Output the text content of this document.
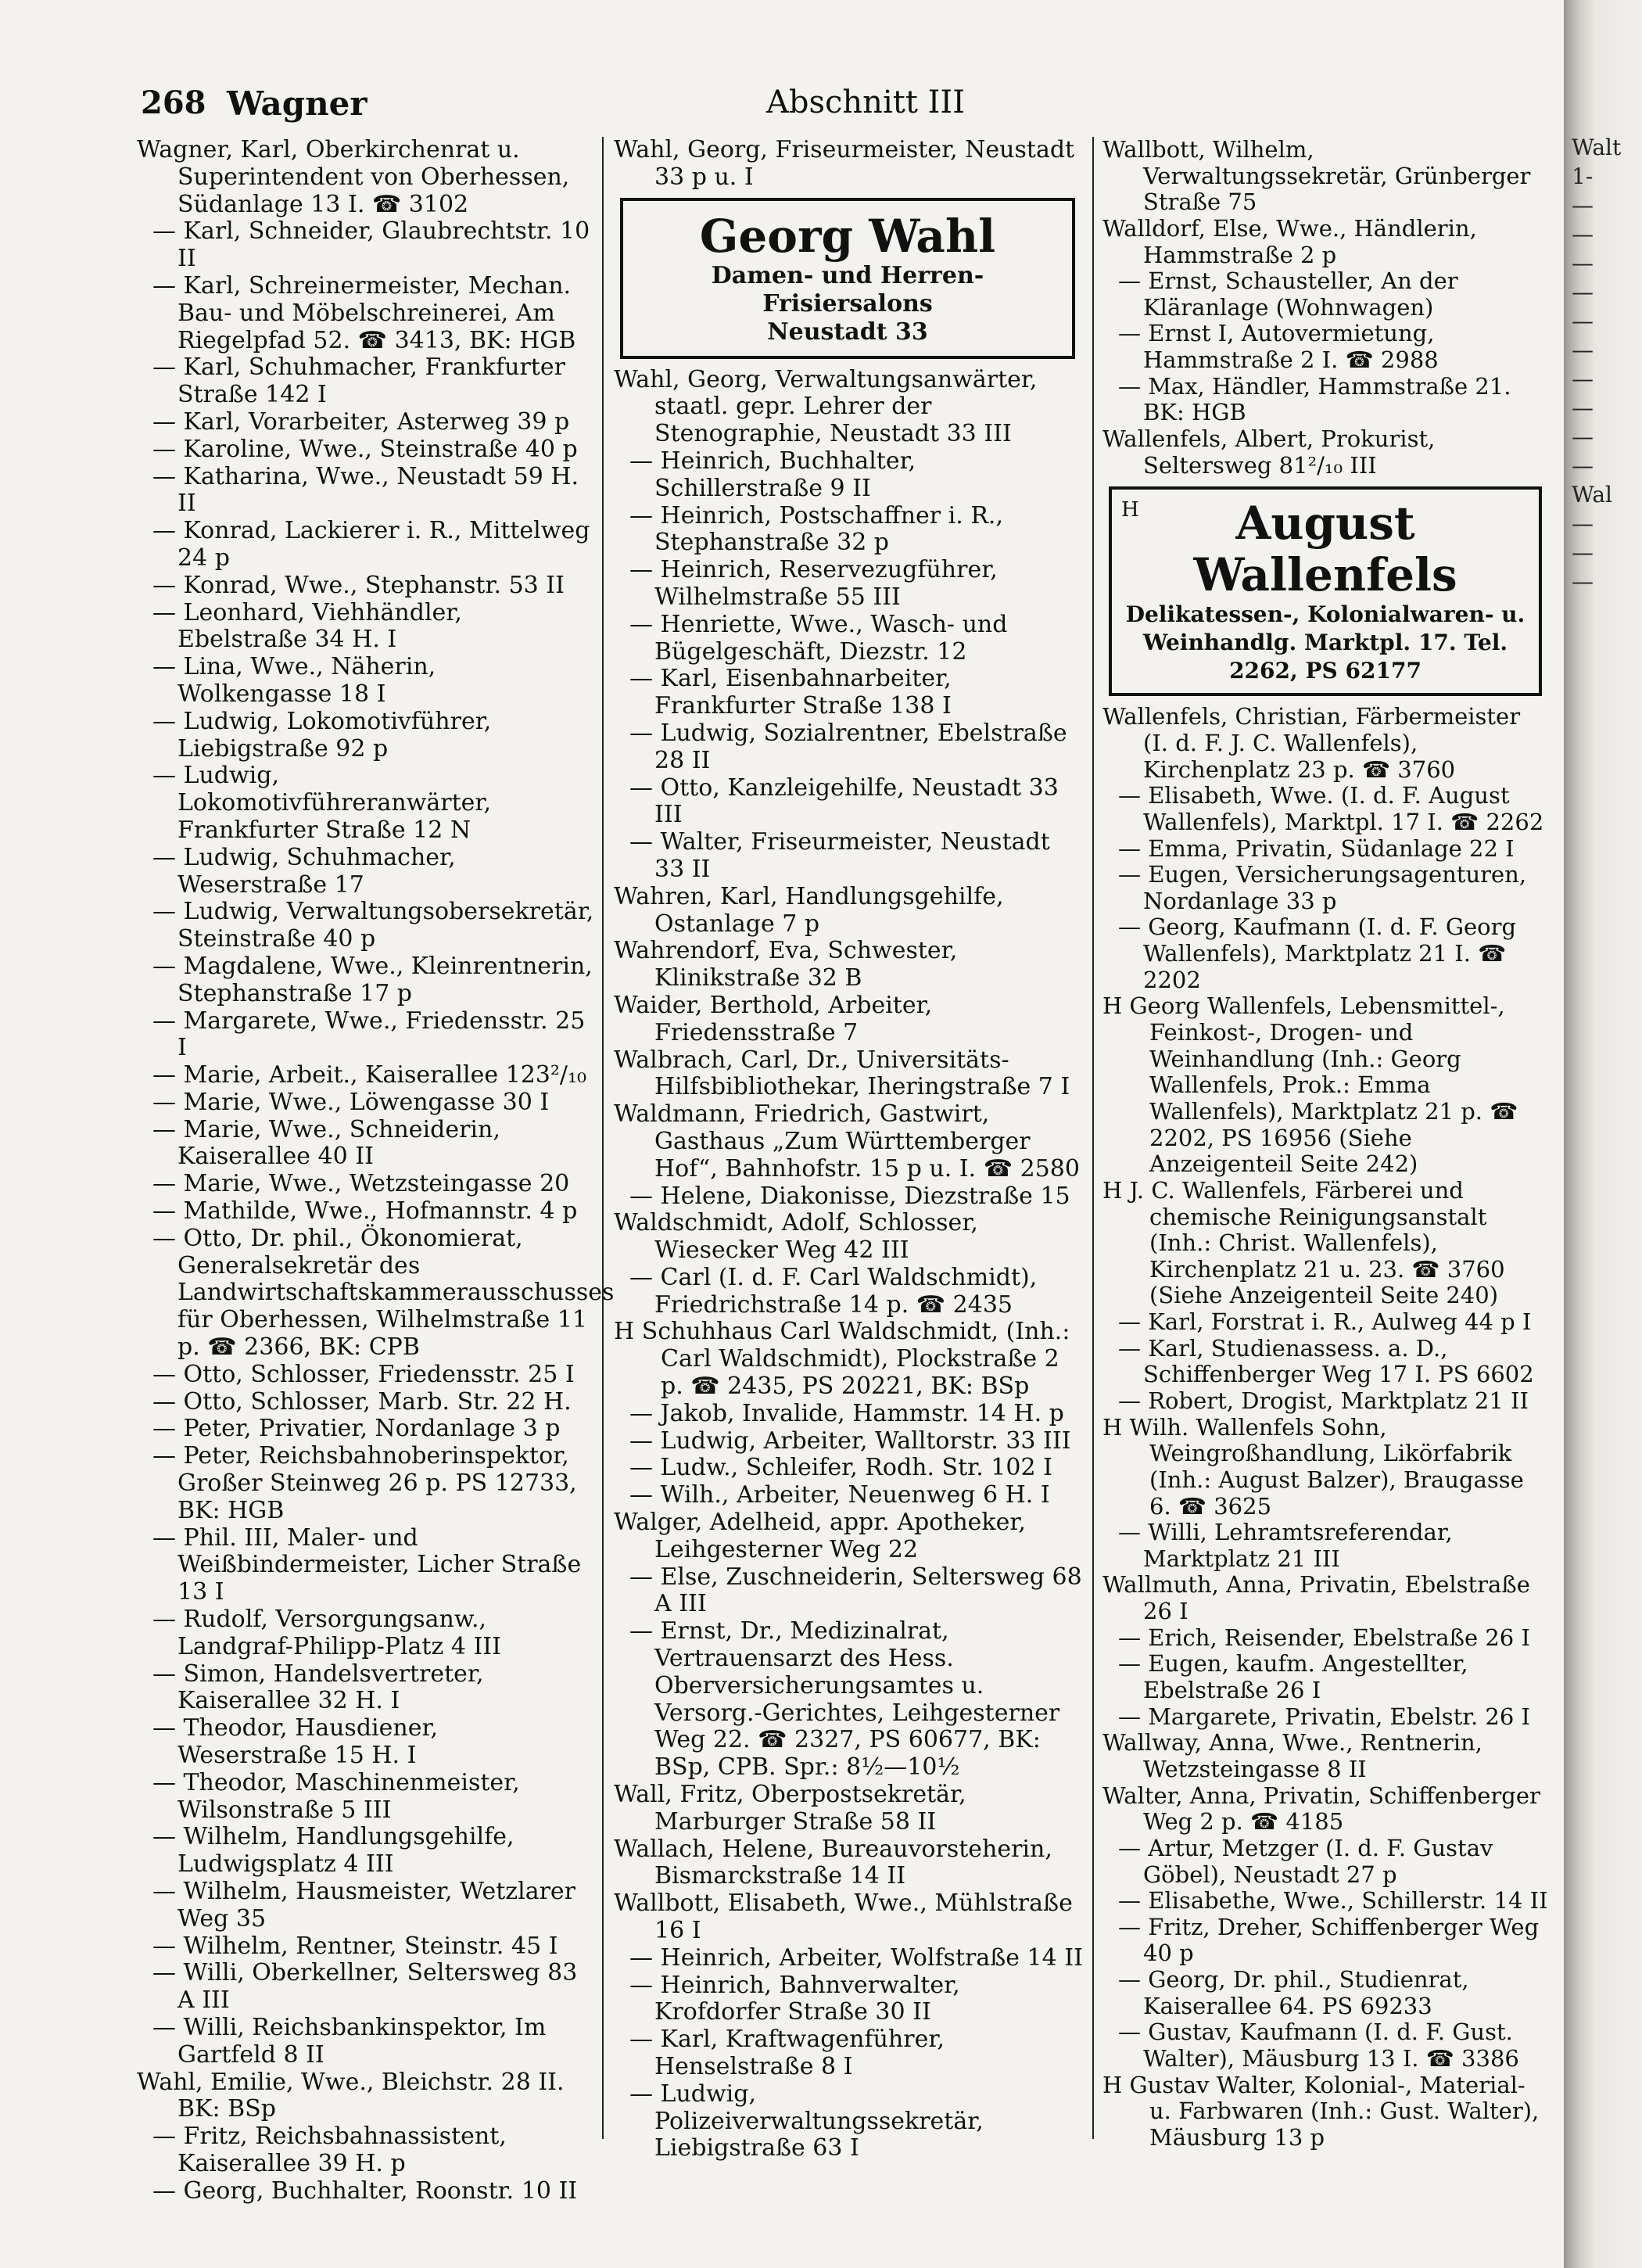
268 Wagner	Abschnitt III

Wagner, Karl, Oberkirchenrat u. Superintendent von Oberhessen, Südanlage 13 I. ☎ 3102

— Karl, Schneider, Glaubrechtstr. 10 II

— Karl, Schreinermeister, Mechan. Bau- und Möbelschreinerei, Am Riegelpfad 52. ☎ 3413, BK: HGB

— Karl, Schuhmacher, Frankfurter Straße 142 I

— Karl, Vorarbeiter, Asterweg 39 p

— Karoline, Wwe., Steinstraße 40 p

— Katharina, Wwe., Neustadt 59 H. II

— Konrad, Lackierer i. R., Mittelweg 24 p

— Konrad, Wwe., Stephanstr. 53 II

— Leonhard, Viehhändler, Ebelstraße 34 H. I

— Lina, Wwe., Näherin, Wolkengasse 18 I

— Ludwig, Lokomotivführer, Liebigstraße 92 p

— Ludwig, Lokomotivführeranwärter, Frankfurter Straße 12 N

— Ludwig, Schuhmacher, Weserstraße 17

— Ludwig, Verwaltungsobersekretär, Steinstraße 40 p

— Magdalene, Wwe., Kleinrentnerin, Stephanstraße 17 p

— Margarete, Wwe., Friedensstr. 25 I

— Marie, Arbeit., Kaiserallee 123²/₁₀

— Marie, Wwe., Löwengasse 30 I

— Marie, Wwe., Schneiderin, Kaiserallee 40 II

— Marie, Wwe., Wetzsteingasse 20

— Mathilde, Wwe., Hofmannstr. 4 p

— Otto, Dr. phil., Ökonomierat, Generalsekretär des Landwirtschaftskammerausschusses für Oberhessen, Wilhelmstraße 11 p. ☎ 2366, BK: CPB

— Otto, Schlosser, Friedensstr. 25 I

— Otto, Schlosser, Marb. Str. 22 H.

— Peter, Privatier, Nordanlage 3 p

— Peter, Reichsbahnoberinspektor, Großer Steinweg 26 p. PS 12733, BK: HGB

— Phil. III, Maler- und Weißbindermeister, Licher Straße 13 I

— Rudolf, Versorgungsanw., Landgraf-Philipp-Platz 4 III

— Simon, Handelsvertreter, Kaiserallee 32 H. I

— Theodor, Hausdiener, Weserstraße 15 H. I

— Theodor, Maschinenmeister, Wilsonstraße 5 III

— Wilhelm, Handlungsgehilfe, Ludwigsplatz 4 III

— Wilhelm, Hausmeister, Wetzlarer Weg 35

— Wilhelm, Rentner, Steinstr. 45 I

— Willi, Oberkellner, Seltersweg 83 A III

— Willi, Reichsbankinspektor, Im Gartfeld 8 II

Wahl, Emilie, Wwe., Bleichstr. 28 II. BK: BSp

— Fritz, Reichsbahnassistent, Kaiserallee 39 H. p

— Georg, Buchhalter, Roonstr. 10 II

Wahl, Georg, Friseurmeister, Neustadt 33 p u. I

Georg Wahl
Damen- und Herren-Frisiersalons
Neustadt 33

Wahl, Georg, Verwaltungsanwärter, staatl. gepr. Lehrer der Stenographie, Neustadt 33 III

— Heinrich, Buchhalter, Schillerstraße 9 II

— Heinrich, Postschaffner i. R., Stephanstraße 32 p

— Heinrich, Reservezugführer, Wilhelmstraße 55 III

— Henriette, Wwe., Wasch- und Bügelgeschäft, Diezstr. 12

— Karl, Eisenbahnarbeiter, Frankfurter Straße 138 I

— Ludwig, Sozialrentner, Ebelstraße 28 II

— Otto, Kanzleigehilfe, Neustadt 33 III

— Walter, Friseurmeister, Neustadt 33 II

Wahren, Karl, Handlungsgehilfe, Ostanlage 7 p

Wahrendorf, Eva, Schwester, Klinikstraße 32 B

Waider, Berthold, Arbeiter, Friedensstraße 7

Walbrach, Carl, Dr., Universitäts-Hilfsbibliothekar, Iheringstraße 7 I

Waldmann, Friedrich, Gastwirt, Gasthaus „Zum Württemberger Hof“, Bahnhofstr. 15 p u. I. ☎ 2580

— Helene, Diakonisse, Diezstraße 15

Waldschmidt, Adolf, Schlosser, Wiesecker Weg 42 III

— Carl (I. d. F. Carl Waldschmidt), Friedrichstraße 14 p. ☎ 2435

H Schuhhaus Carl Waldschmidt, (Inh.: Carl Waldschmidt), Plockstraße 2 p. ☎ 2435, PS 20221, BK: BSp

— Jakob, Invalide, Hammstr. 14 H. p

— Ludwig, Arbeiter, Walltorstr. 33 III

— Ludw., Schleifer, Rodh. Str. 102 I

— Wilh., Arbeiter, Neuenweg 6 H. I

Walger, Adelheid, appr. Apotheker, Leihgesterner Weg 22

— Else, Zuschneiderin, Seltersweg 68 A III

— Ernst, Dr., Medizinalrat, Vertrauensarzt des Hess. Oberversicherungsamtes u. Versorg.-Gerichtes, Leihgesterner Weg 22. ☎ 2327, PS 60677, BK: BSp, CPB. Spr.: 8½—10½

Wall, Fritz, Oberpostsekretär, Marburger Straße 58 II

Wallach, Helene, Bureauvorsteherin, Bismarckstraße 14 II

Wallbott, Elisabeth, Wwe., Mühlstraße 16 I

— Heinrich, Arbeiter, Wolfstraße 14 II

— Heinrich, Bahnverwalter, Krofdorfer Straße 30 II

— Karl, Kraftwagenführer, Henselstraße 8 I

— Ludwig, Polizeiverwaltungssekretär, Liebigstraße 63 I

Wallbott, Wilhelm, Verwaltungssekretär, Grünberger Straße 75

Walldorf, Else, Wwe., Händlerin, Hammstraße 2 p

— Ernst, Schausteller, An der Kläranlage (Wohnwagen)

— Ernst I, Autovermietung, Hammstraße 2 I. ☎ 2988

— Max, Händler, Hammstraße 21. BK: HGB

Wallenfels, Albert, Prokurist, Seltersweg 81²/₁₀ III

H	August Wallenfels
Delikatessen-, Kolonialwaren- u. Weinhandlg. Marktpl. 17. Tel. 2262, PS 62177

Wallenfels, Christian, Färbermeister (I. d. F. J. C. Wallenfels), Kirchenplatz 23 p. ☎ 3760

— Elisabeth, Wwe. (I. d. F. August Wallenfels), Marktpl. 17 I. ☎ 2262

— Emma, Privatin, Südanlage 22 I

— Eugen, Versicherungsagenturen, Nordanlage 33 p

— Georg, Kaufmann (I. d. F. Georg Wallenfels), Marktplatz 21 I. ☎ 2202

H Georg Wallenfels, Lebensmittel-, Feinkost-, Drogen- und Weinhandlung (Inh.: Georg Wallenfels, Prok.: Emma Wallenfels), Marktplatz 21 p. ☎ 2202, PS 16956 (Siehe Anzeigenteil Seite 242)

H J. C. Wallenfels, Färberei und chemische Reinigungsanstalt (Inh.: Christ. Wallenfels), Kirchenplatz 21 u. 23. ☎ 3760 (Siehe Anzeigenteil Seite 240)

— Karl, Forstrat i. R., Aulweg 44 p I

— Karl, Studienassess. a. D., Schiffenberger Weg 17 I. PS 6602

— Robert, Drogist, Marktplatz 21 II

H Wilh. Wallenfels Sohn, Weingroßhandlung, Likörfabrik (Inh.: August Balzer), Braugasse 6. ☎ 3625

— Willi, Lehramtsreferendar, Marktplatz 21 III

Wallmuth, Anna, Privatin, Ebelstraße 26 I

— Erich, Reisender, Ebelstraße 26 I

— Eugen, kaufm. Angestellter, Ebelstraße 26 I

— Margarete, Privatin, Ebelstr. 26 I

Wallway, Anna, Wwe., Rentnerin, Wetzsteingasse 8 II

Walter, Anna, Privatin, Schiffenberger Weg 2 p. ☎ 4185

— Artur, Metzger (I. d. F. Gustav Göbel), Neustadt 27 p

— Elisabethe, Wwe., Schillerstr. 14 II

— Fritz, Dreher, Schiffenberger Weg 40 p

— Georg, Dr. phil., Studienrat, Kaiserallee 64. PS 69233

— Gustav, Kaufmann (I. d. F. Gust. Walter), Mäusburg 13 I. ☎ 3386

H Gustav Walter, Kolonial-, Material- u. Farbwaren (Inh.: Gust. Walter), Mäusburg 13 p

Walt
1-
—
—
—
—
—
—
—
—
—
—
Wal
—
—
—
